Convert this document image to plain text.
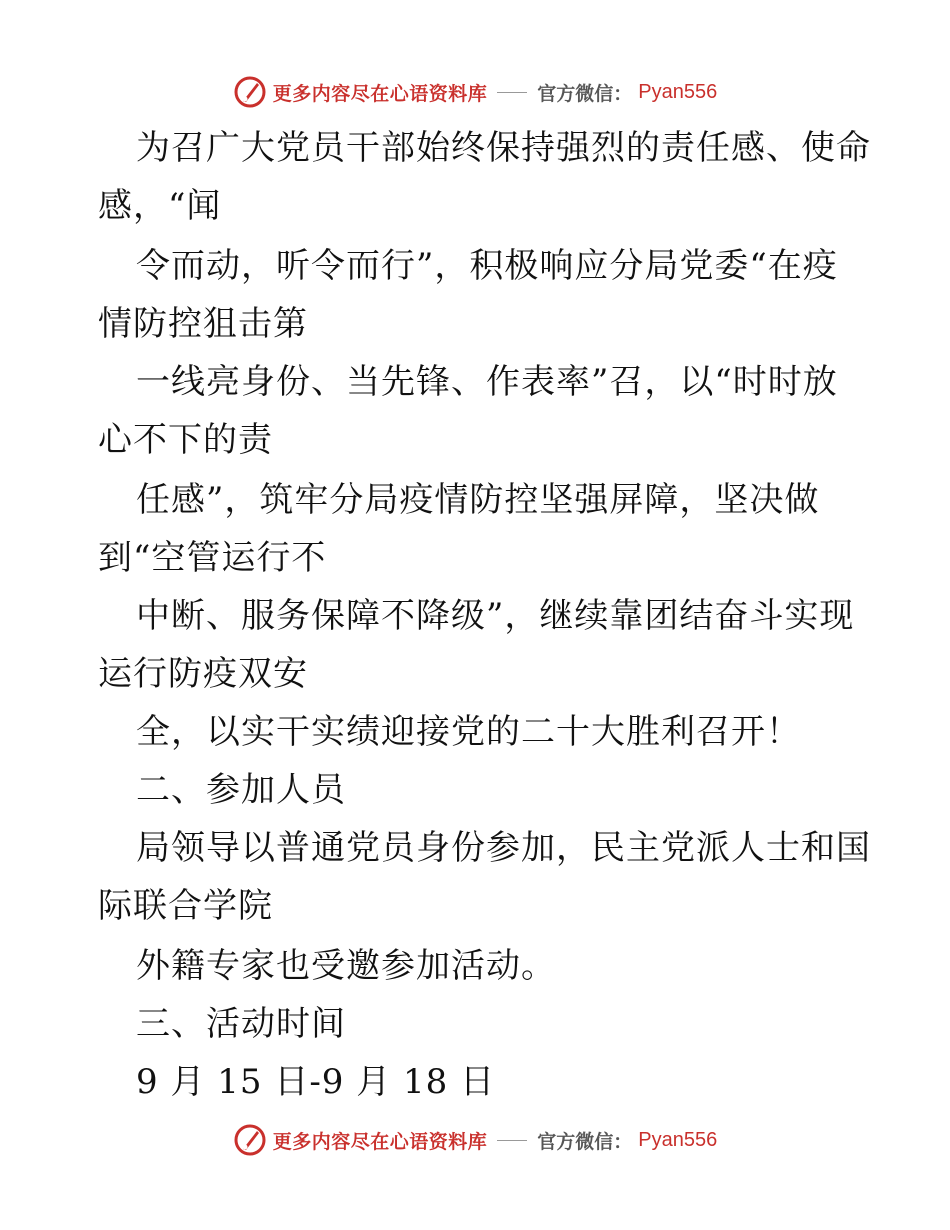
更多内容尽在心语资料库	官方微信： Pyan556
为召广大党员干部始终保持强烈的责任感、使命
感，“闻
令而动，听令而行”，积极响应分局党委“在疫
情防控狙击第
一线亮身份、当先锋、作表率”召，以“时时放
心不下的责
任感”，筑牢分局疫情防控坚强屏障，坚决做
到“空管运行不
中断、服务保障不降级”，继续靠团结奋斗实现
运行防疫双安
全，以实干实绩迎接党的二十大胜利召开！
二、参加人员
局领导以普通党员身份参加，民主党派人士和国
际联合学院
外籍专家也受邀参加活动。
三、活动时间
9 月 15 日-9 月 18 日
更多内容尽在心语资料库	官方微信： Pyan556
